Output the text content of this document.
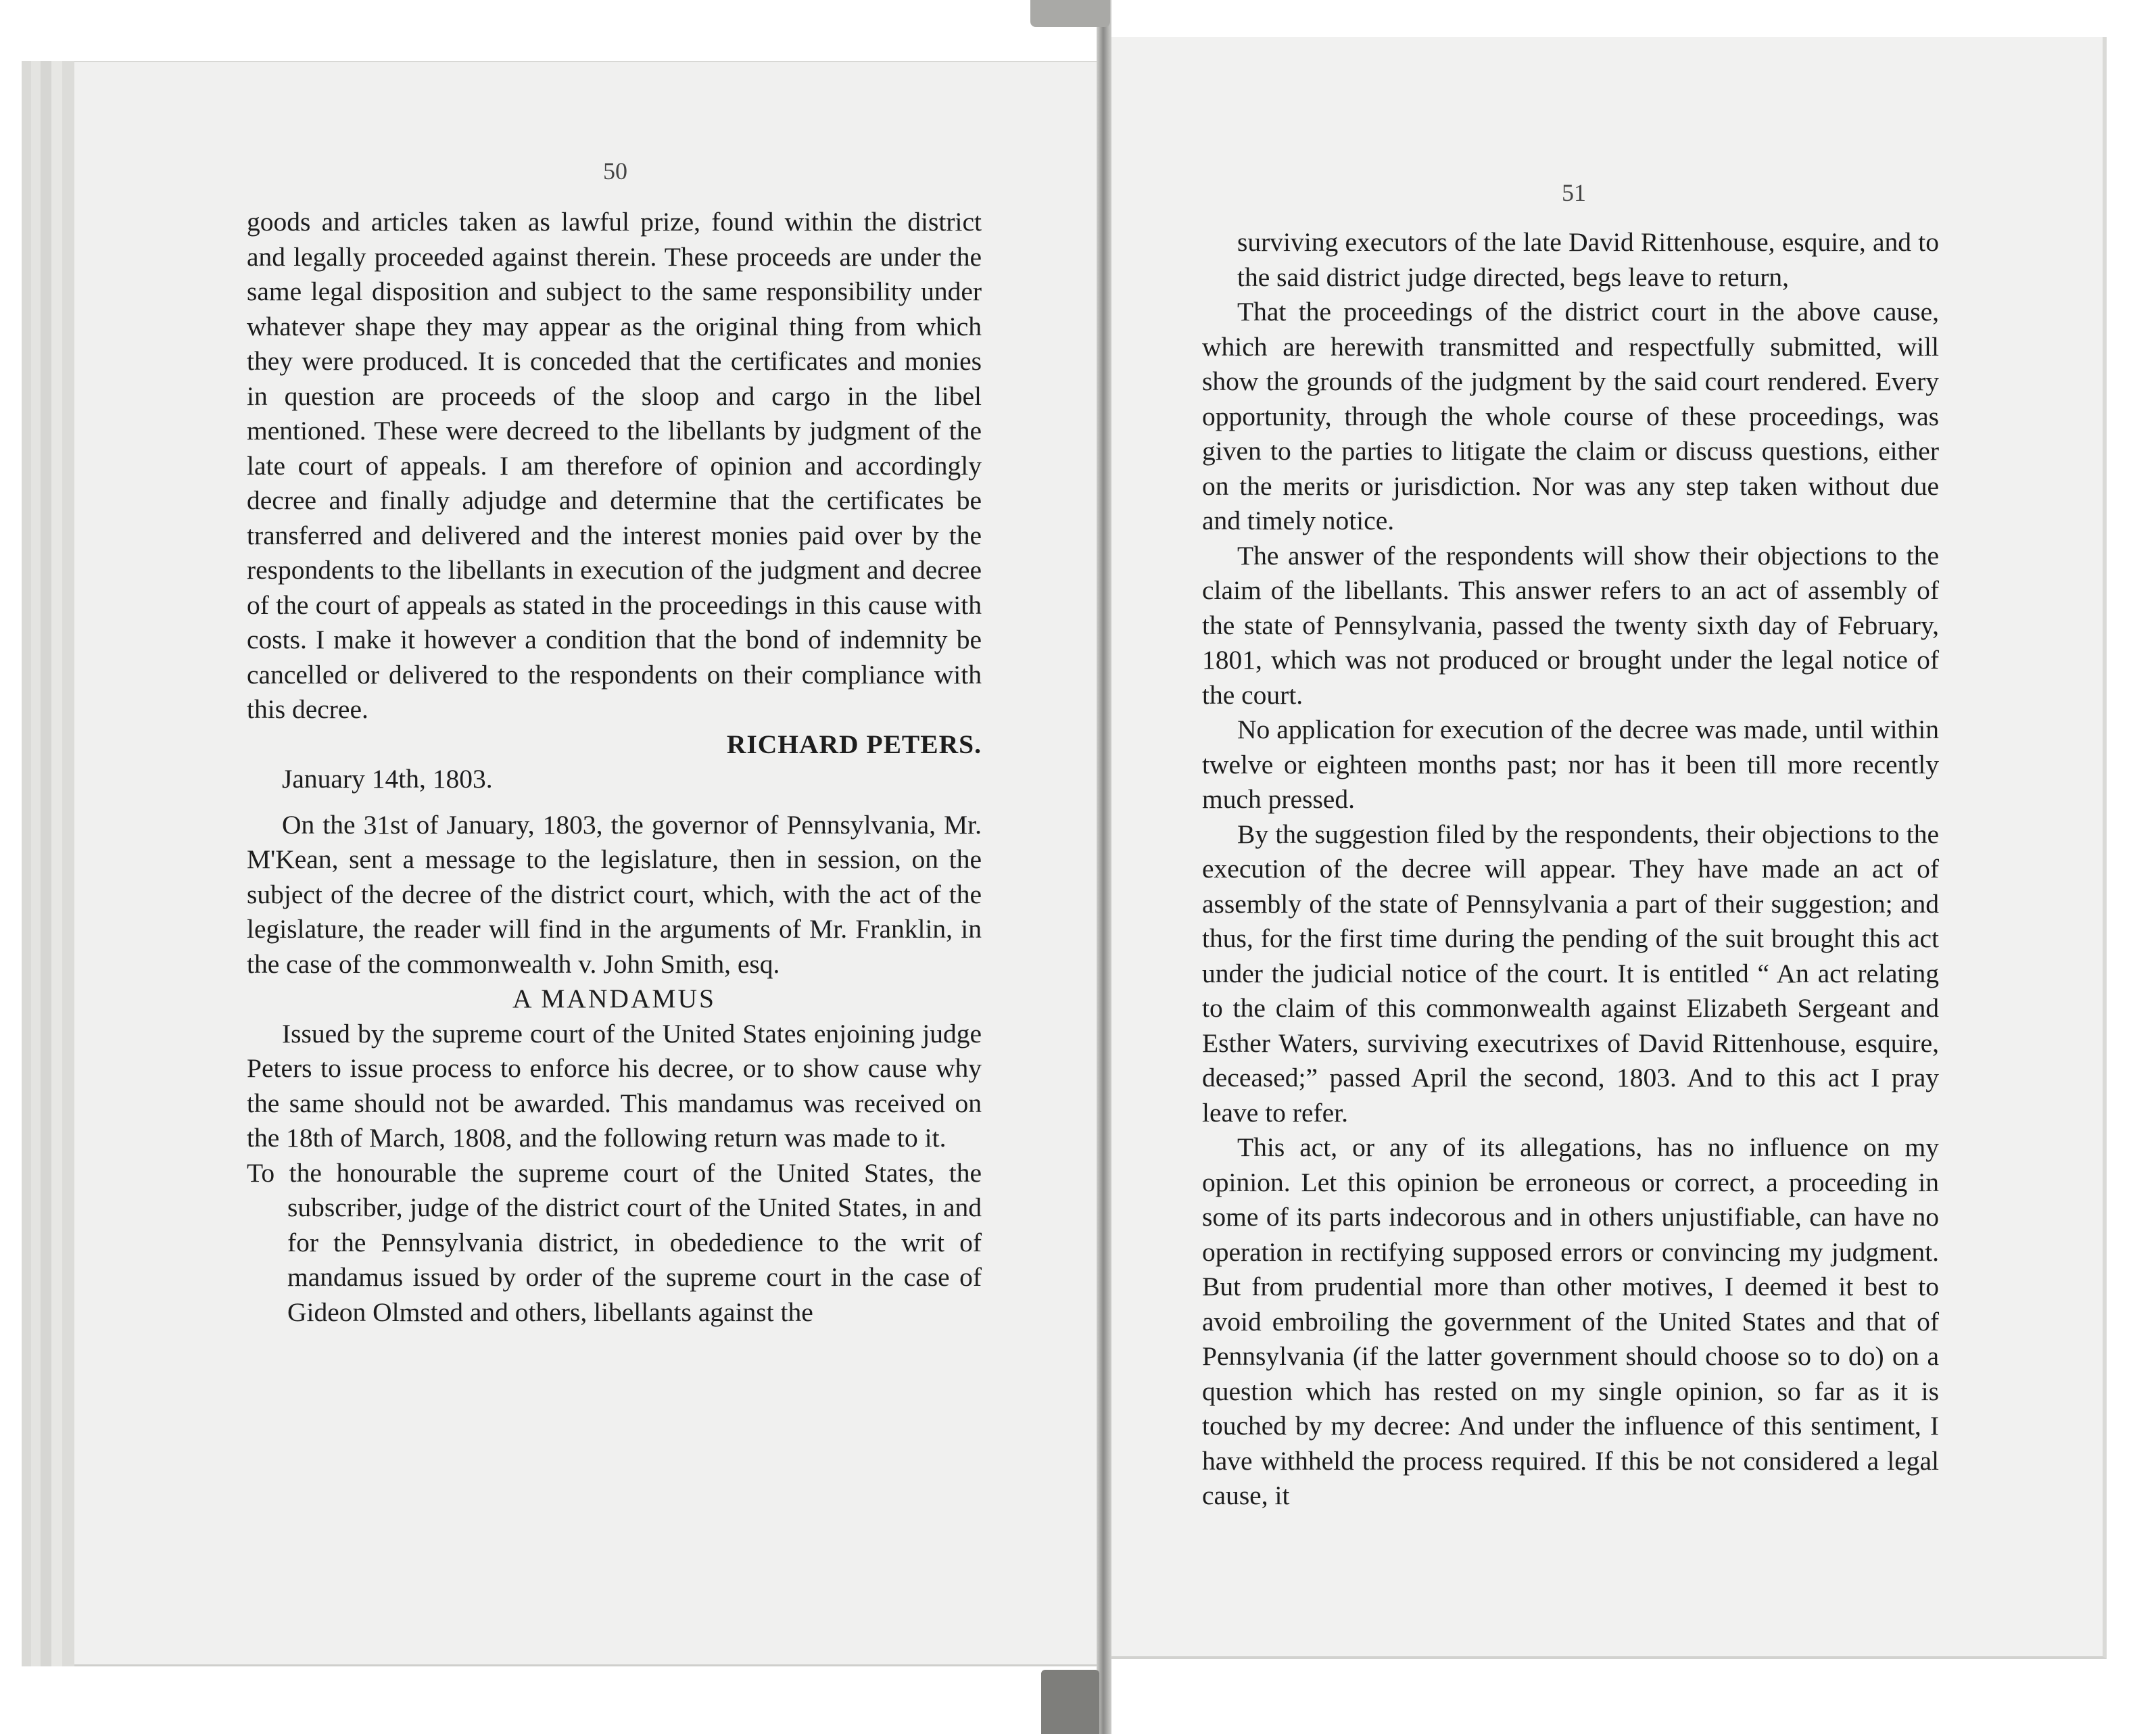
50

goods and articles taken as lawful prize, found within the district and legally proceeded against therein. These proceeds are under the same legal disposition and subject to the same responsibility under whatever shape they may appear as the original thing from which they were produced. It is conceded that the certificates and monies in question are proceeds of the sloop and cargo in the libel mentioned. These were decreed to the libellants by judgment of the late court of appeals. I am therefore of opinion and accordingly decree and finally adjudge and determine that the certificates be transferred and delivered and the interest monies paid over by the respondents to the libellants in execution of the judgment and decree of the court of appeals as stated in the proceedings in this cause with costs. I make it however a condition that the bond of indemnity be cancelled or delivered to the respondents on their compliance with this decree.

RICHARD PETERS.

January 14th, 1803.

On the 31st of January, 1803, the governor of Pennsylvania, Mr. M'Kean, sent a message to the legislature, then in session, on the subject of the decree of the district court, which, with the act of the legislature, the reader will find in the arguments of Mr. Franklin, in the case of the commonwealth v. John Smith, esq.

A MANDAMUS

Issued by the supreme court of the United States enjoining judge Peters to issue process to enforce his decree, or to show cause why the same should not be awarded. This mandamus was received on the 18th of March, 1808, and the following return was made to it.

To the honourable the supreme court of the United States, the subscriber, judge of the district court of the United States, in and for the Pennsylvania district, in obededience to the writ of mandamus issued by order of the supreme court in the case of Gideon Olmsted and others, libellants against the

51

surviving executors of the late David Rittenhouse, esquire, and to the said district judge directed, begs leave to return,

That the proceedings of the district court in the above cause, which are herewith transmitted and respectfully submitted, will show the grounds of the judgment by the said court rendered. Every opportunity, through the whole course of these proceedings, was given to the parties to litigate the claim or discuss questions, either on the merits or jurisdiction. Nor was any step taken without due and timely notice.

The answer of the respondents will show their objections to the claim of the libellants. This answer refers to an act of assembly of the state of Pennsylvania, passed the twenty sixth day of February, 1801, which was not produced or brought under the legal notice of the court.

No application for execution of the decree was made, until within twelve or eighteen months past; nor has it been till more recently much pressed.

By the suggestion filed by the respondents, their objections to the execution of the decree will appear. They have made an act of assembly of the state of Pennsylvania a part of their suggestion; and thus, for the first time during the pending of the suit brought this act under the judicial notice of the court. It is entitled “ An act relating to the claim of this commonwealth against Elizabeth Sergeant and Esther Waters, surviving executrixes of David Rittenhouse, esquire, deceased;” passed April the second, 1803. And to this act I pray leave to refer.

This act, or any of its allegations, has no influence on my opinion. Let this opinion be erroneous or correct, a proceeding in some of its parts indecorous and in others unjustifiable, can have no operation in rectifying supposed errors or convincing my judgment. But from prudential more than other motives, I deemed it best to avoid embroiling the government of the United States and that of Pennsylvania (if the latter government should choose so to do) on a question which has rested on my single opinion, so far as it is touched by my decree: And under the influence of this sentiment, I have withheld the process required. If this be not considered a legal cause, it
